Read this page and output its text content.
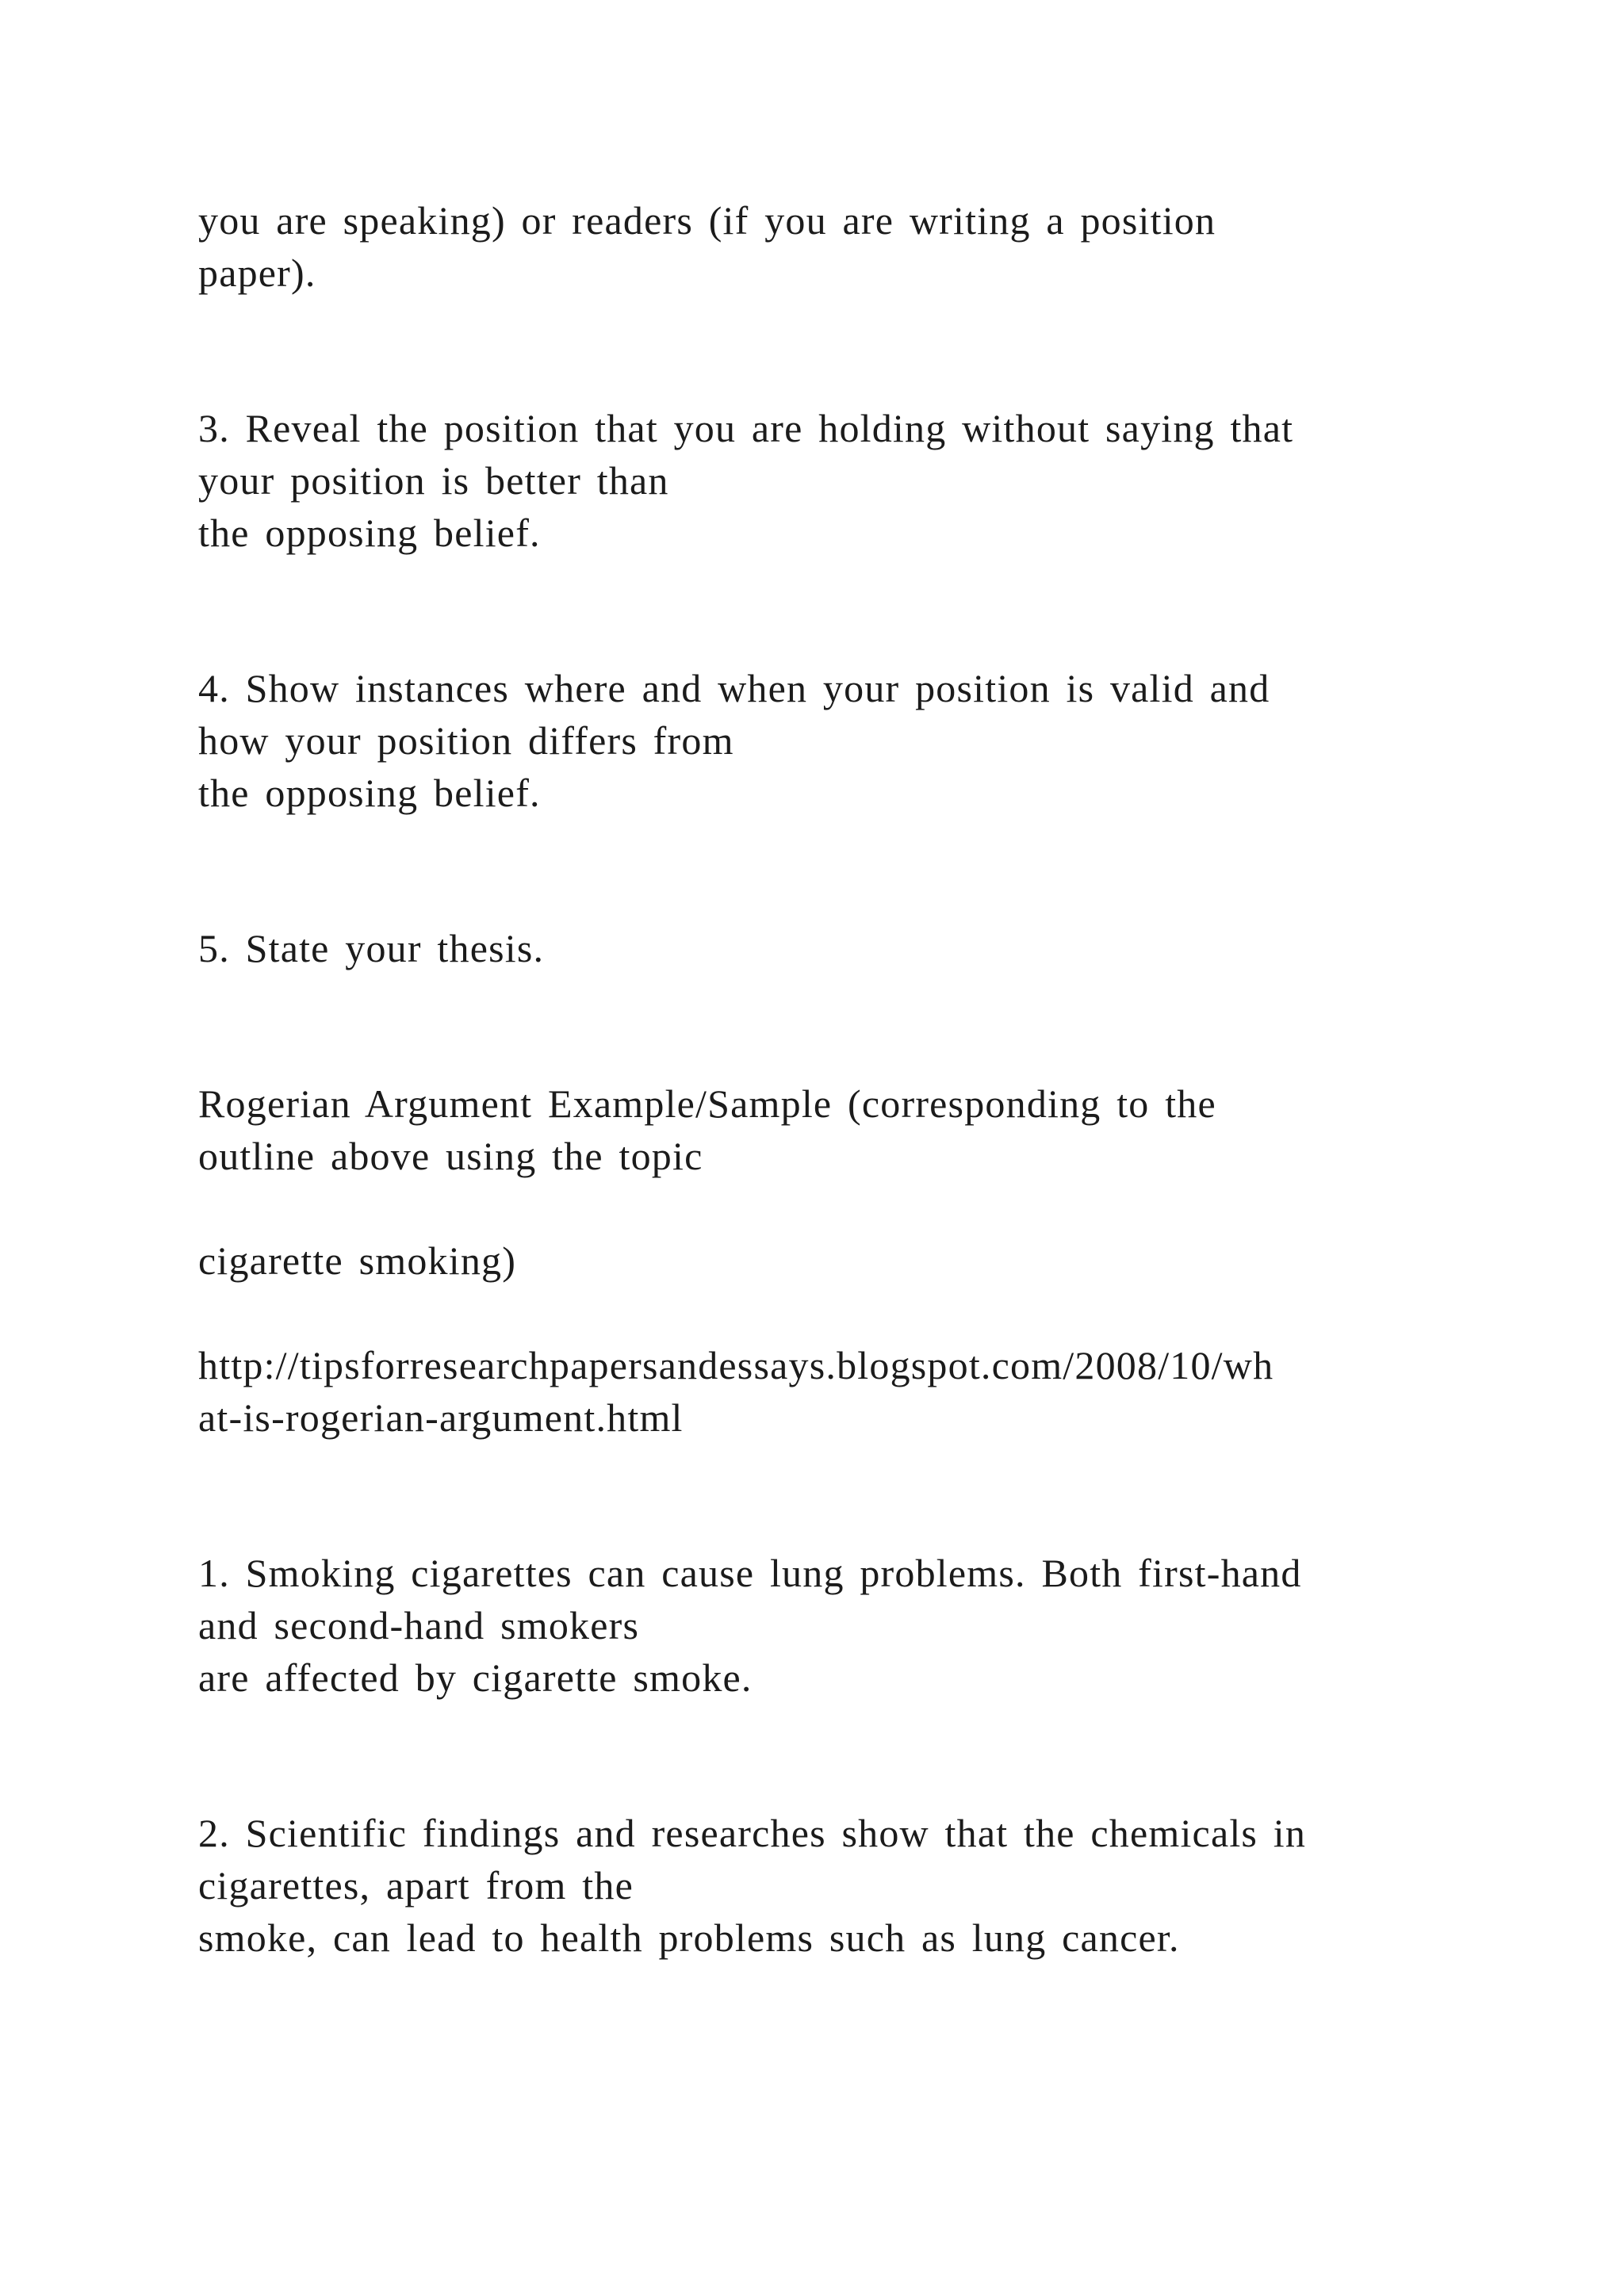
you are speaking) or readers (if you are writing a position

paper).

3. Reveal the position that you are holding without saying that

your position is better than

the opposing belief.

4. Show instances where and when your position is valid and

how your position differs from

the opposing belief.

5. State your thesis.

Rogerian Argument Example/Sample (corresponding to the

outline above using the topic

cigarette smoking)

http://tipsforresearchpapersandessays.blogspot.com/2008/10/wh

at-is-rogerian-argument.html

1. Smoking cigarettes can cause lung problems. Both first-hand

and second-hand smokers

are affected by cigarette smoke.

2. Scientific findings and researches show that the chemicals in

cigarettes, apart from the

smoke, can lead to health problems such as lung cancer.
